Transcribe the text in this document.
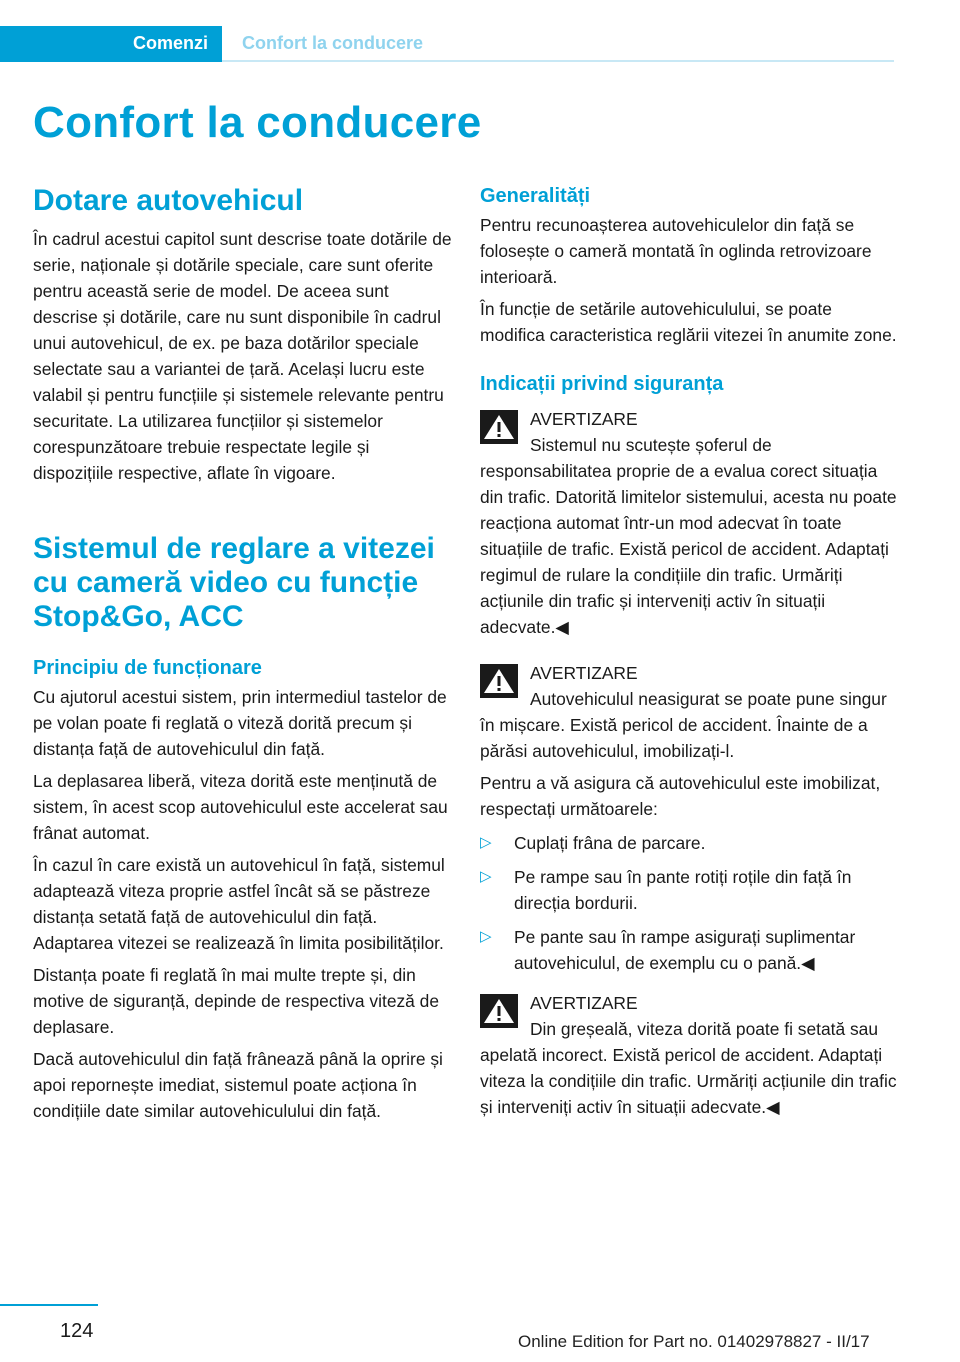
Comenzi Confort la conducere
Confort la conducere
Dotare autovehicul

În cadrul acestui capitol sunt descrise toate dotările de serie, naționale și dotările speciale, care sunt oferite pentru această serie de model. De aceea sunt descrise și dotările, care nu sunt disponibile în cadrul unui autovehicul, de ex. pe baza dotărilor speciale selectate sau a variantei de țară. Același lucru este valabil și pentru funcțiile și sistemele relevante pentru securitate. La utilizarea funcțiilor și sistemelor corespunzătoare trebuie respectate legile și dispozițiile respective, aflate în vigoare.

Sistemul de reglare a vitezei cu cameră video cu funcție Stop&Go, ACC
Principiu de funcționare

Cu ajutorul acestui sistem, prin intermediul tastelor de pe volan poate fi reglată o viteză dorită precum și distanța față de autovehiculul din față.

La deplasarea liberă, viteza dorită este menținută de sistem, în acest scop autovehiculul este accelerat sau frânat automat.

În cazul în care există un autovehicul în față, sistemul adaptează viteza proprie astfel încât să se păstreze distanța setată față de autovehiculul din față. Adaptarea vitezei se realizează în limita posibilităților.

Distanța poate fi reglată în mai multe trepte și, din motive de siguranță, depinde de respectiva viteză de deplasare.

Dacă autovehiculul din față frânează până la oprire și apoi repornește imediat, sistemul poate acționa în condițiile date similar autovehiculului din față.

Generalități

Pentru recunoașterea autovehiculelor din față se folosește o cameră montată în oglinda retrovizoare interioară.

În funcție de setările autovehiculului, se poate modifica caracteristica reglării vitezei în anumite zone.

Indicații privind siguranța

AVERTIZARE

Sistemul nu scutește șoferul de responsabilitatea proprie de a evalua corect situația din trafic. Datorită limitelor sistemului, acesta nu poate reacționa automat într-un mod adecvat în toate situațiile de trafic. Există pericol de accident. Adaptați regimul de rulare la condițiile din trafic. Urmăriți acțiunile din trafic și interveniți activ în situații adecvate.◀

AVERTIZARE

Autovehiculul neasigurat se poate pune singur în mișcare. Există pericol de accident. Înainte de a părăsi autovehiculul, imobilizați-l.

Pentru a vă asigura că autovehiculul este imobilizat, respectați următoarele:

▷ Cuplați frâna de parcare.
▷ Pe rampe sau în pante rotiți roțile din față în direcția bordurii.
▷ Pe pante sau în rampe asigurați suplimentar autovehiculul, de exemplu cu o pană.◀

AVERTIZARE

Din greșeală, viteza dorită poate fi setată sau apelată incorect. Există pericol de accident. Adaptați viteza la condițiile din trafic. Urmăriți acțiunile din trafic și interveniți activ în situații adecvate.◀

124	Online Edition for Part no. 01402978827 - II/17
